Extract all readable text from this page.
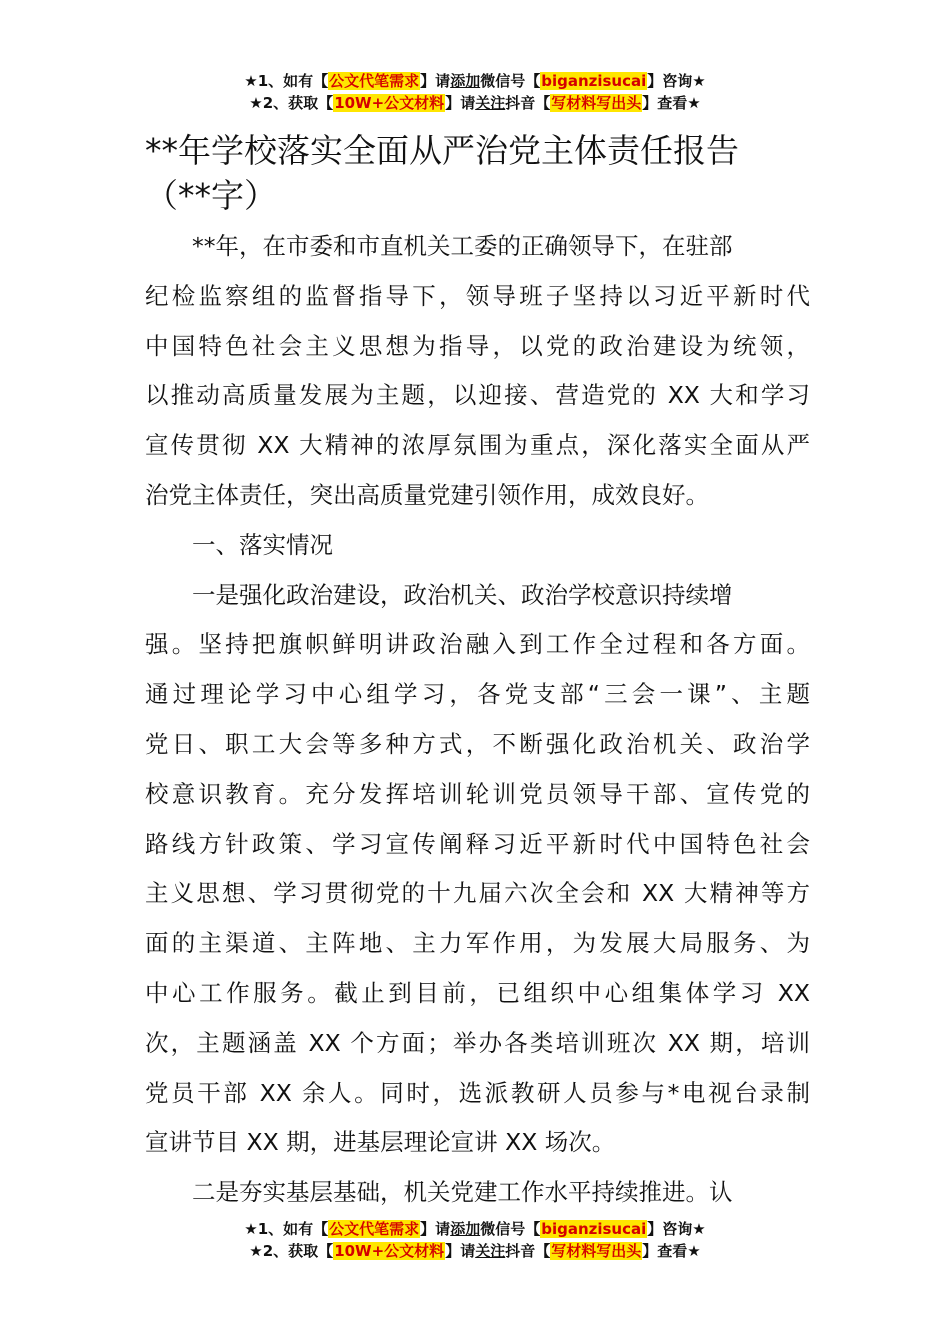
★1、如有【公文代笔需求】请添加微信号【biganzisucai】咨询★
★2、获取【10W+公文材料】请关注抖音【写材料写出头】查看★
**年学校落实全面从严治党主体责任报告
（**字）
**年，在市委和市直机关工委的正确领导下，在驻部
纪检监察组的监督指导下，领导班子坚持以习近平新时代
中国特色社会主义思想为指导，以党的政治建设为统领，
以推动高质量发展为主题，以迎接、营造党的 XX 大和学习
宣传贯彻 XX 大精神的浓厚氛围为重点，深化落实全面从严
治党主体责任，突出高质量党建引领作用，成效良好。
一、落实情况
一是强化政治建设，政治机关、政治学校意识持续增
强。坚持把旗帜鲜明讲政治融入到工作全过程和各方面。
通过理论学习中心组学习，各党支部“三会一课”、主题
党日、职工大会等多种方式，不断强化政治机关、政治学
校意识教育。充分发挥培训轮训党员领导干部、宣传党的
路线方针政策、学习宣传阐释习近平新时代中国特色社会
主义思想、学习贯彻党的十九届六次全会和 XX 大精神等方
面的主渠道、主阵地、主力军作用，为发展大局服务、为
中心工作服务。截止到目前，已组织中心组集体学习 XX
次，主题涵盖 XX 个方面；举办各类培训班次 XX 期，培训
党员干部 XX 余人。同时，选派教研人员参与*电视台录制
宣讲节目 XX 期，进基层理论宣讲 XX 场次。
二是夯实基层基础，机关党建工作水平持续推进。认
★1、如有【公文代笔需求】请添加微信号【biganzisucai】咨询★
★2、获取【10W+公文材料】请关注抖音【写材料写出头】查看★
